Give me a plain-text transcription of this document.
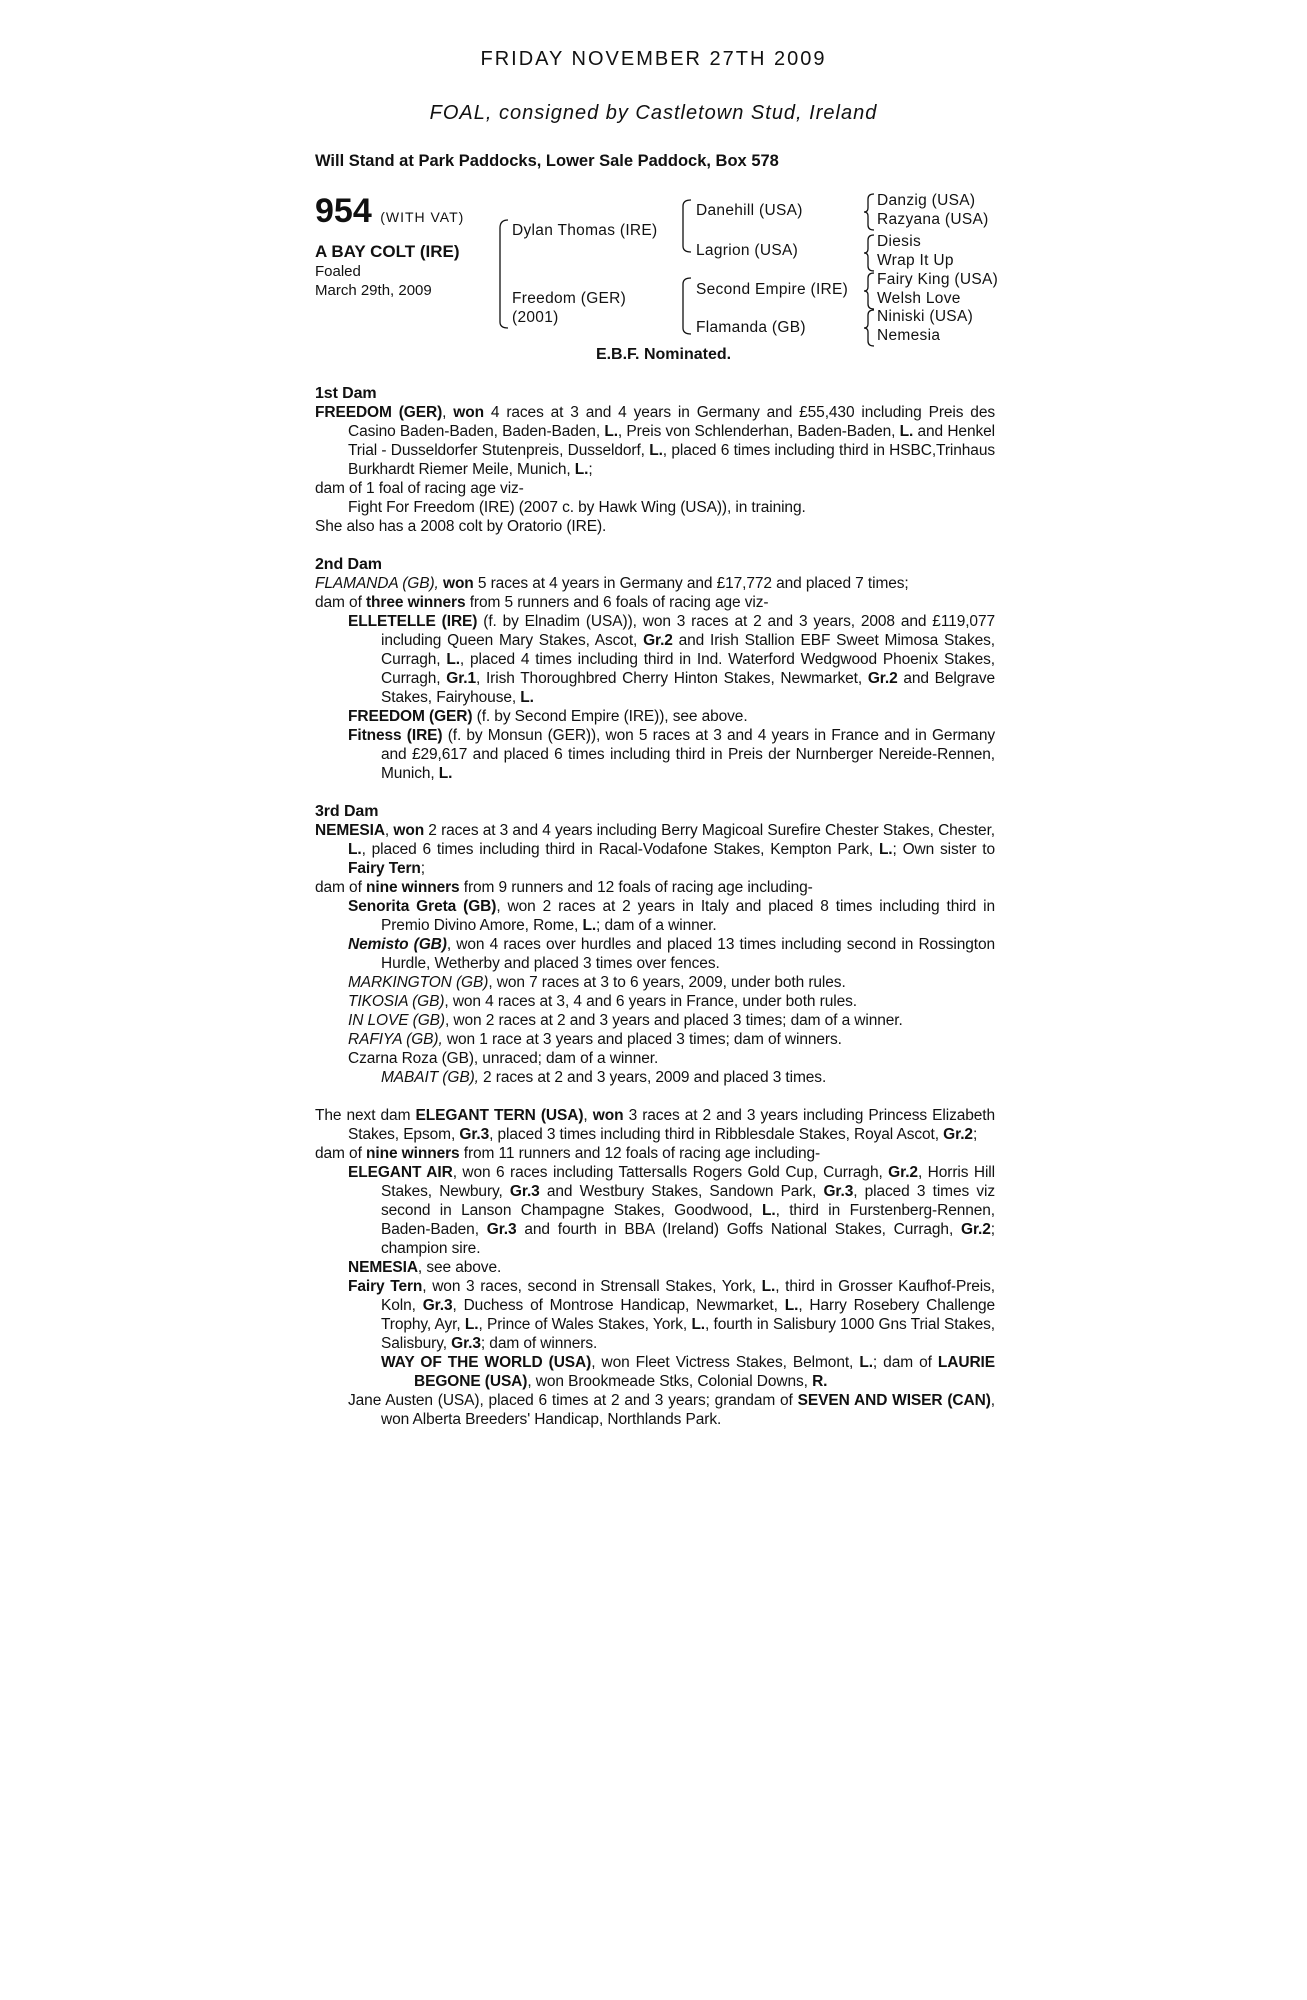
FRIDAY NOVEMBER 27TH 2009
FOAL, consigned by Castletown Stud, Ireland
Will Stand at Park Paddocks, Lower Sale Paddock, Box 578
954 (WITH VAT)
A BAY COLT (IRE)
Foaled
March 29th, 2009
Dylan Thomas (IRE)
Freedom (GER)
(2001)
Danehill (USA)
Lagrion (USA)
Second Empire (IRE)
Flamanda (GB)
Danzig (USA)
Razyana (USA)
Diesis
Wrap It Up
Fairy King (USA)
Welsh Love
Niniski (USA)
Nemesia
E.B.F. Nominated.
1st Dam
FREEDOM (GER), won 4 races at 3 and 4 years in Germany and £55,430 including Preis des Casino Baden-Baden, Baden-Baden, L., Preis von Schlenderhan, Baden-Baden, L. and Henkel Trial - Dusseldorfer Stutenpreis, Dusseldorf, L., placed 6 times including third in HSBC,Trinhaus Burkhardt Riemer Meile, Munich, L.;
dam of 1 foal of racing age viz-
Fight For Freedom (IRE) (2007 c. by Hawk Wing (USA)), in training.
She also has a 2008 colt by Oratorio (IRE).
2nd Dam
FLAMANDA (GB), won 5 races at 4 years in Germany and £17,772 and placed 7 times;
dam of three winners from 5 runners and 6 foals of racing age viz-
ELLETELLE (IRE) (f. by Elnadim (USA)), won 3 races at 2 and 3 years, 2008 and £119,077 including Queen Mary Stakes, Ascot, Gr.2 and Irish Stallion EBF Sweet Mimosa Stakes, Curragh, L., placed 4 times including third in Ind. Waterford Wedgwood Phoenix Stakes, Curragh, Gr.1, Irish Thoroughbred Cherry Hinton Stakes, Newmarket, Gr.2 and Belgrave Stakes, Fairyhouse, L.
FREEDOM (GER) (f. by Second Empire (IRE)), see above.
Fitness (IRE) (f. by Monsun (GER)), won 5 races at 3 and 4 years in France and in Germany and £29,617 and placed 6 times including third in Preis der Nurnberger Nereide-Rennen, Munich, L.
3rd Dam
NEMESIA, won 2 races at 3 and 4 years including Berry Magicoal Surefire Chester Stakes, Chester, L., placed 6 times including third in Racal-Vodafone Stakes, Kempton Park, L.; Own sister to Fairy Tern;
dam of nine winners from 9 runners and 12 foals of racing age including-
Senorita Greta (GB), won 2 races at 2 years in Italy and placed 8 times including third in Premio Divino Amore, Rome, L.; dam of a winner.
Nemisto (GB), won 4 races over hurdles and placed 13 times including second in Rossington Hurdle, Wetherby and placed 3 times over fences.
MARKINGTON (GB), won 7 races at 3 to 6 years, 2009, under both rules.
TIKOSIA (GB), won 4 races at 3, 4 and 6 years in France, under both rules.
IN LOVE (GB), won 2 races at 2 and 3 years and placed 3 times; dam of a winner.
RAFIYA (GB), won 1 race at 3 years and placed 3 times; dam of winners.
Czarna Roza (GB), unraced; dam of a winner.
MABAIT (GB), 2 races at 2 and 3 years, 2009 and placed 3 times.
The next dam ELEGANT TERN (USA), won 3 races at 2 and 3 years including Princess Elizabeth Stakes, Epsom, Gr.3, placed 3 times including third in Ribblesdale Stakes, Royal Ascot, Gr.2;
dam of nine winners from 11 runners and 12 foals of racing age including-
ELEGANT AIR, won 6 races including Tattersalls Rogers Gold Cup, Curragh, Gr.2, Horris Hill Stakes, Newbury, Gr.3 and Westbury Stakes, Sandown Park, Gr.3, placed 3 times viz second in Lanson Champagne Stakes, Goodwood, L., third in Furstenberg-Rennen, Baden-Baden, Gr.3 and fourth in BBA (Ireland) Goffs National Stakes, Curragh, Gr.2; champion sire.
NEMESIA, see above.
Fairy Tern, won 3 races, second in Strensall Stakes, York, L., third in Grosser Kaufhof-Preis, Koln, Gr.3, Duchess of Montrose Handicap, Newmarket, L., Harry Rosebery Challenge Trophy, Ayr, L., Prince of Wales Stakes, York, L., fourth in Salisbury 1000 Gns Trial Stakes, Salisbury, Gr.3; dam of winners.
WAY OF THE WORLD (USA), won Fleet Victress Stakes, Belmont, L.; dam of LAURIE BEGONE (USA), won Brookmeade Stks, Colonial Downs, R.
Jane Austen (USA), placed 6 times at 2 and 3 years; grandam of SEVEN AND WISER (CAN), won Alberta Breeders' Handicap, Northlands Park.
